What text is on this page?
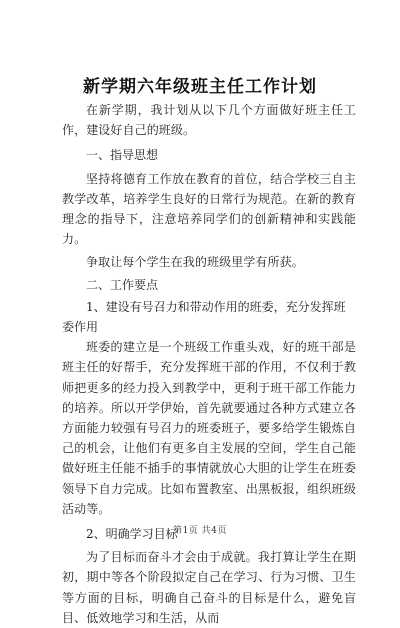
新学期六年级班主任工作计划

在新学期，我计划从以下几个方面做好班主任工作，建设好自己的班级。

一、指导思想

坚持将德育工作放在教育的首位，结合学校三自主教学改革，培养学生良好的日常行为规范。在新的教育理念的指导下，注意培养同学们的创新精神和实践能力。

争取让每个学生在我的班级里学有所获。

二、工作要点

1、建设有号召力和带动作用的班委，充分发挥班委作用

班委的建立是一个班级工作重头戏，好的班干部是班主任的好帮手，充分发挥班干部的作用，不仅利于教师把更多的经力投入到教学中，更利于班干部工作能力的培养。所以开学伊始，首先就要通过各种方式建立各方面能力较强有号召力的班委班子，要多给学生锻炼自己的机会，让他们有更多自主发展的空间，学生自己能做好班主任能不插手的事情就放心大胆的让学生在班委领导下自力完成。比如布置教室、出黑板报，组织班级活动等。

2、明确学习目标

为了目标而奋斗才会由于成就。我打算让学生在期初，期中等各个阶段拟定自己在学习、行为习惯、卫生等方面的目标，明确自己奋斗的目标是什么，避免盲目、低效地学习和生活，从而

第1页 共4页
